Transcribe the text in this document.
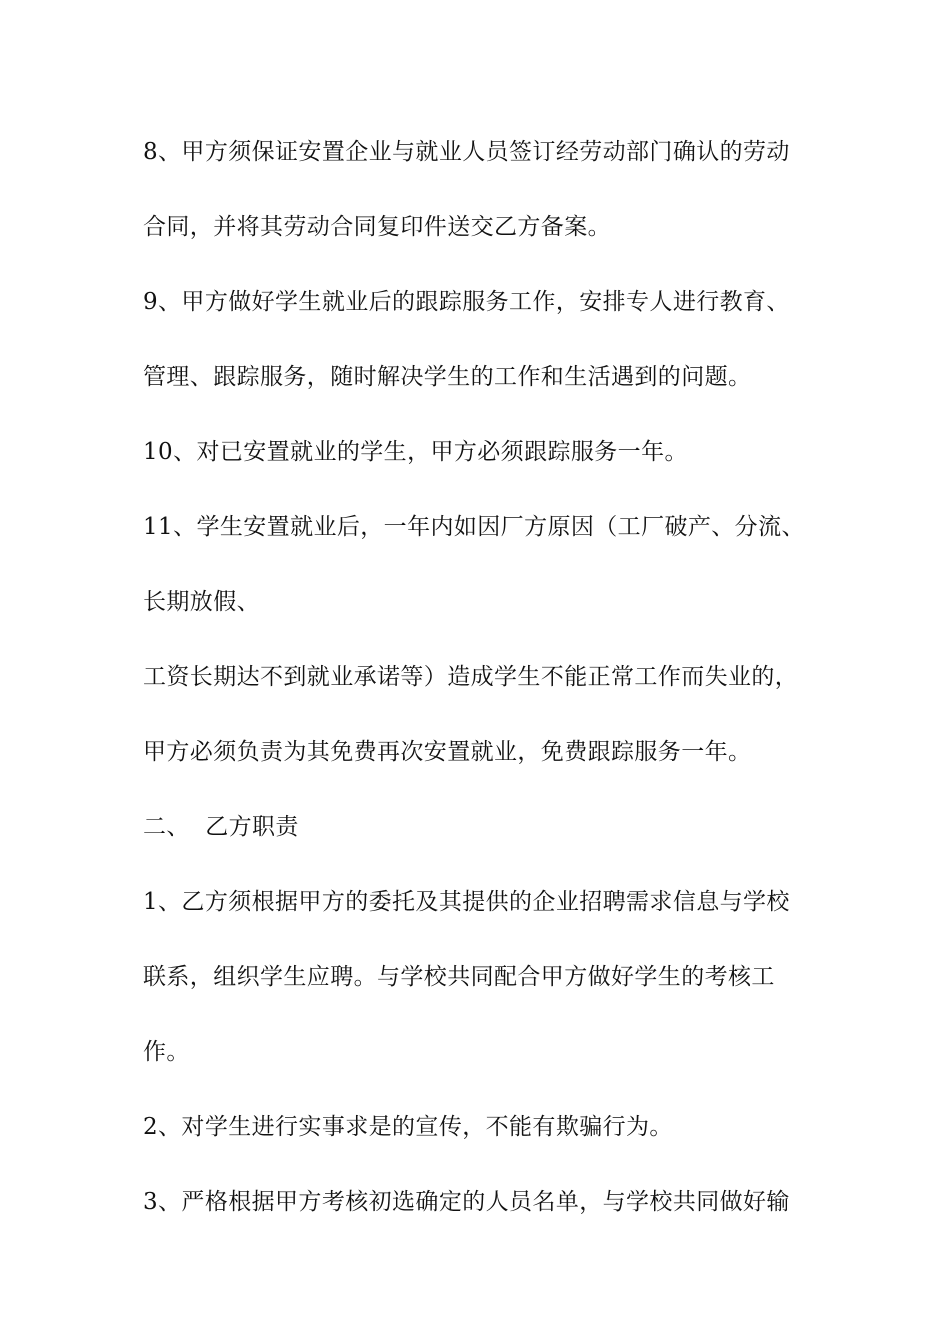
8、甲方须保证安置企业与就业人员签订经劳动部门确认的劳动

合同，并将其劳动合同复印件送交乙方备案。

9、甲方做好学生就业后的跟踪服务工作，安排专人进行教育、

管理、跟踪服务，随时解决学生的工作和生活遇到的问题。

10、对已安置就业的学生，甲方必须跟踪服务一年。

11、学生安置就业后，一年内如因厂方原因（工厂破产、分流、

长期放假、

工资长期达不到就业承诺等）造成学生不能正常工作而失业的，

甲方必须负责为其免费再次安置就业，免费跟踪服务一年。

二、  乙方职责

1、乙方须根据甲方的委托及其提供的企业招聘需求信息与学校

联系，组织学生应聘。与学校共同配合甲方做好学生的考核工

作。

2、对学生进行实事求是的宣传，不能有欺骗行为。

3、严格根据甲方考核初选确定的人员名单，与学校共同做好输
